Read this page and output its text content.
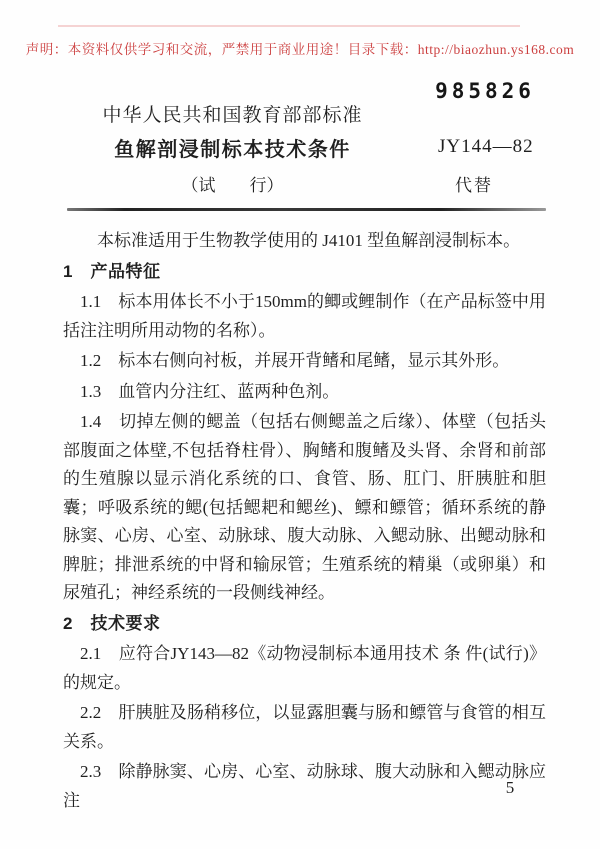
声明：本资料仅供学习和交流，严禁用于商业用途！目录下载：http://biaozhun.ys168.com
985826
中华人民共和国教育部部标准
鱼解剖浸制标本技术条件	JY144—82
（试　　行）	代替

本标准适用于生物教学使用的 J4101 型鱼解剖浸制标本。

1　产品特征

1.1　标本用体长不小于150mm的鲫或鲤制作（在产品标签中用括注注明所用动物的名称）。

1.2　标本右侧向衬板，并展开背鳍和尾鳍，显示其外形。

1.3　血管内分注红、蓝两种色剂。

1.4　切掉左侧的鳃盖（包括右侧鳃盖之后缘）、体壁（包括头部腹面之体壁,不包括脊柱骨）、胸鳍和腹鳍及头肾、余肾和前部的生殖腺以显示消化系统的口、食管、肠、肛门、肝胰脏和胆囊；呼吸系统的鳃(包括鳃耙和鳃丝)、鳔和鳔管；循环系统的静脉窦、心房、心室、动脉球、腹大动脉、入鳃动脉、出鳃动脉和脾脏；排泄系统的中肾和输尿管；生殖系统的精巢（或卵巢）和尿殖孔；神经系统的一段侧线神经。

2　技术要求

2.1　应符合JY143—82《动物浸制标本通用技术 条 件(试行)》的规定。

2.2　肝胰脏及肠稍移位，以显露胆囊与肠和鳔管与食管的相互关系。

2.3　除静脉窦、心房、心室、动脉球、腹大动脉和入鳃动脉应注

5
